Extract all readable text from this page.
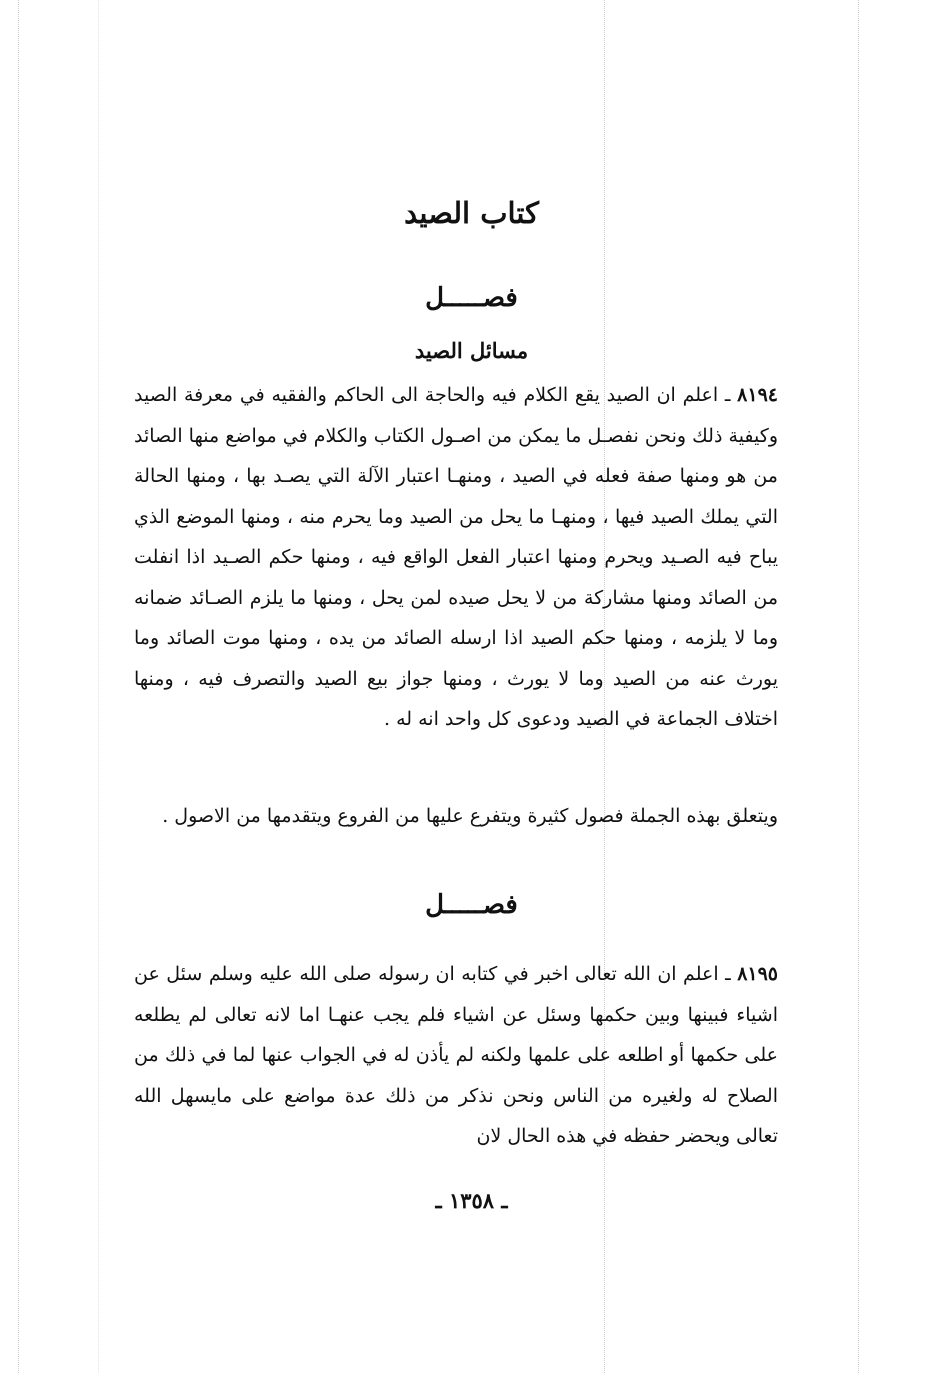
كتاب الصيد
فصـــــل
مسائل الصيد

٨١٩٤ ـ اعلم ان الصيد يقع الكلام فيه والحاجة الى الحاكم والفقيه في معرفة الصيد وكيفية ذلك ونحن نفصـل ما يمكن من اصـول الكتاب والكلام في مواضع منها الصائد من هو ومنها صفة فعله في الصيد ، ومنهـا اعتبار الآلة التي يصـد بها ، ومنها الحالة التي يملك الصيد فيها ، ومنهـا ما يحل من الصيد وما يحرم منه ، ومنها الموضع الذي يباح فيه الصـيد ويحرم ومنها اعتبار الفعل الواقع فيه ، ومنها حكم الصـيد اذا انفلت من الصائد ومنها مشاركة من لا يحل صيده لمن يحل ، ومنها ما يلزم الصـائد ضمانه وما لا يلزمه ، ومنها حكم الصيد اذا ارسله الصائد من يده ، ومنها موت الصائد وما يورث عنه من الصيد وما لا يورث ، ومنها جواز بيع الصيد والتصرف فيه ، ومنها اختلاف الجماعة في الصيد ودعوى كل واحد انه له .

ويتعلق بهذه الجملة فصول كثيرة ويتفرع عليها من الفروع ويتقدمها من الاصول .

فصـــــل

٨١٩٥ ـ اعلم ان الله تعالى اخبر في كتابه ان رسوله صلى الله عليه وسلم سئل عن اشياء فبينها وبين حكمها وسئل عن اشياء فلم يجب عنهـا اما لانه تعالى لم يطلعه على حكمها أو اطلعه على علمها ولكنه لم يأذن له في الجواب عنها لما في ذلك من الصلاح له ولغيره من الناس ونحن نذكر من ذلك عدة مواضع على مايسهل الله تعالى ويحضر حفظه في هذه الحال لان

ـ ١٣٥٨ ـ
